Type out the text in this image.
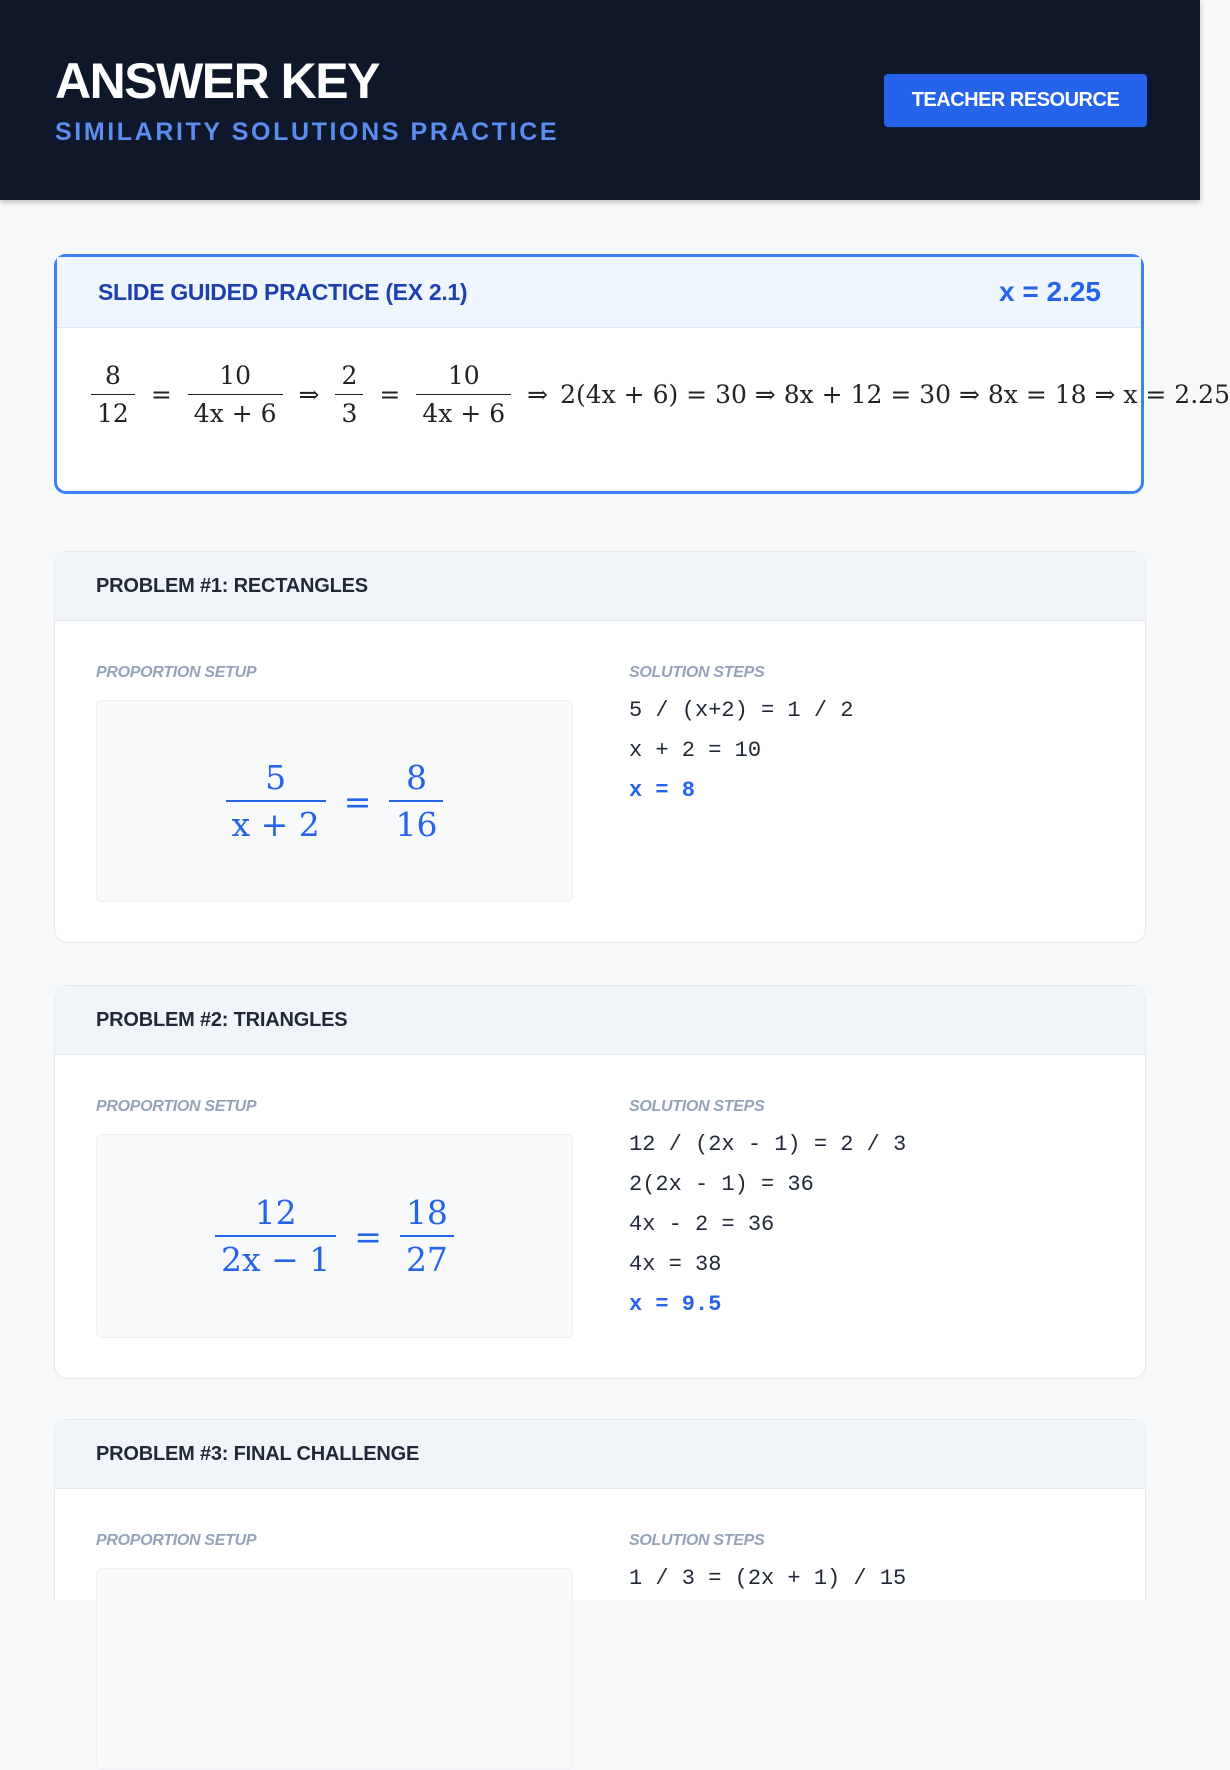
ANSWER KEY
SIMILARITY SOLUTIONS PRACTICE
TEACHER RESOURCE
SLIDE GUIDED PRACTICE (EX 2.1)	x = 2.25
$\frac{8}{12} = \frac{10}{4x + 6}$ ⇒ $\frac{2}{3} = \frac{10}{4x + 6}$ ⇒ 2(4x + 6) = 30 ⇒ 8x + 12 = 30 ⇒ 8x = 18 ⇒ x = 2.25
PROBLEM #1: RECTANGLES
PROPORTION SETUP	SOLUTION STEPS
$\frac{5}{x + 2} = \frac{8}{16}$
5 / (x+2) = 1 / 2
x + 2 = 10
x = 8
PROBLEM #2: TRIANGLES
PROPORTION SETUP	SOLUTION STEPS
$\frac{12}{2x - 1} = \frac{18}{27}$
12 / (2x - 1) = 2 / 3
2(2x - 1) = 36
4x - 2 = 36
4x = 38
x = 9.5
PROBLEM #3: FINAL CHALLENGE
PROPORTION SETUP	SOLUTION STEPS
1 / 3 = (2x + 1) / 15
